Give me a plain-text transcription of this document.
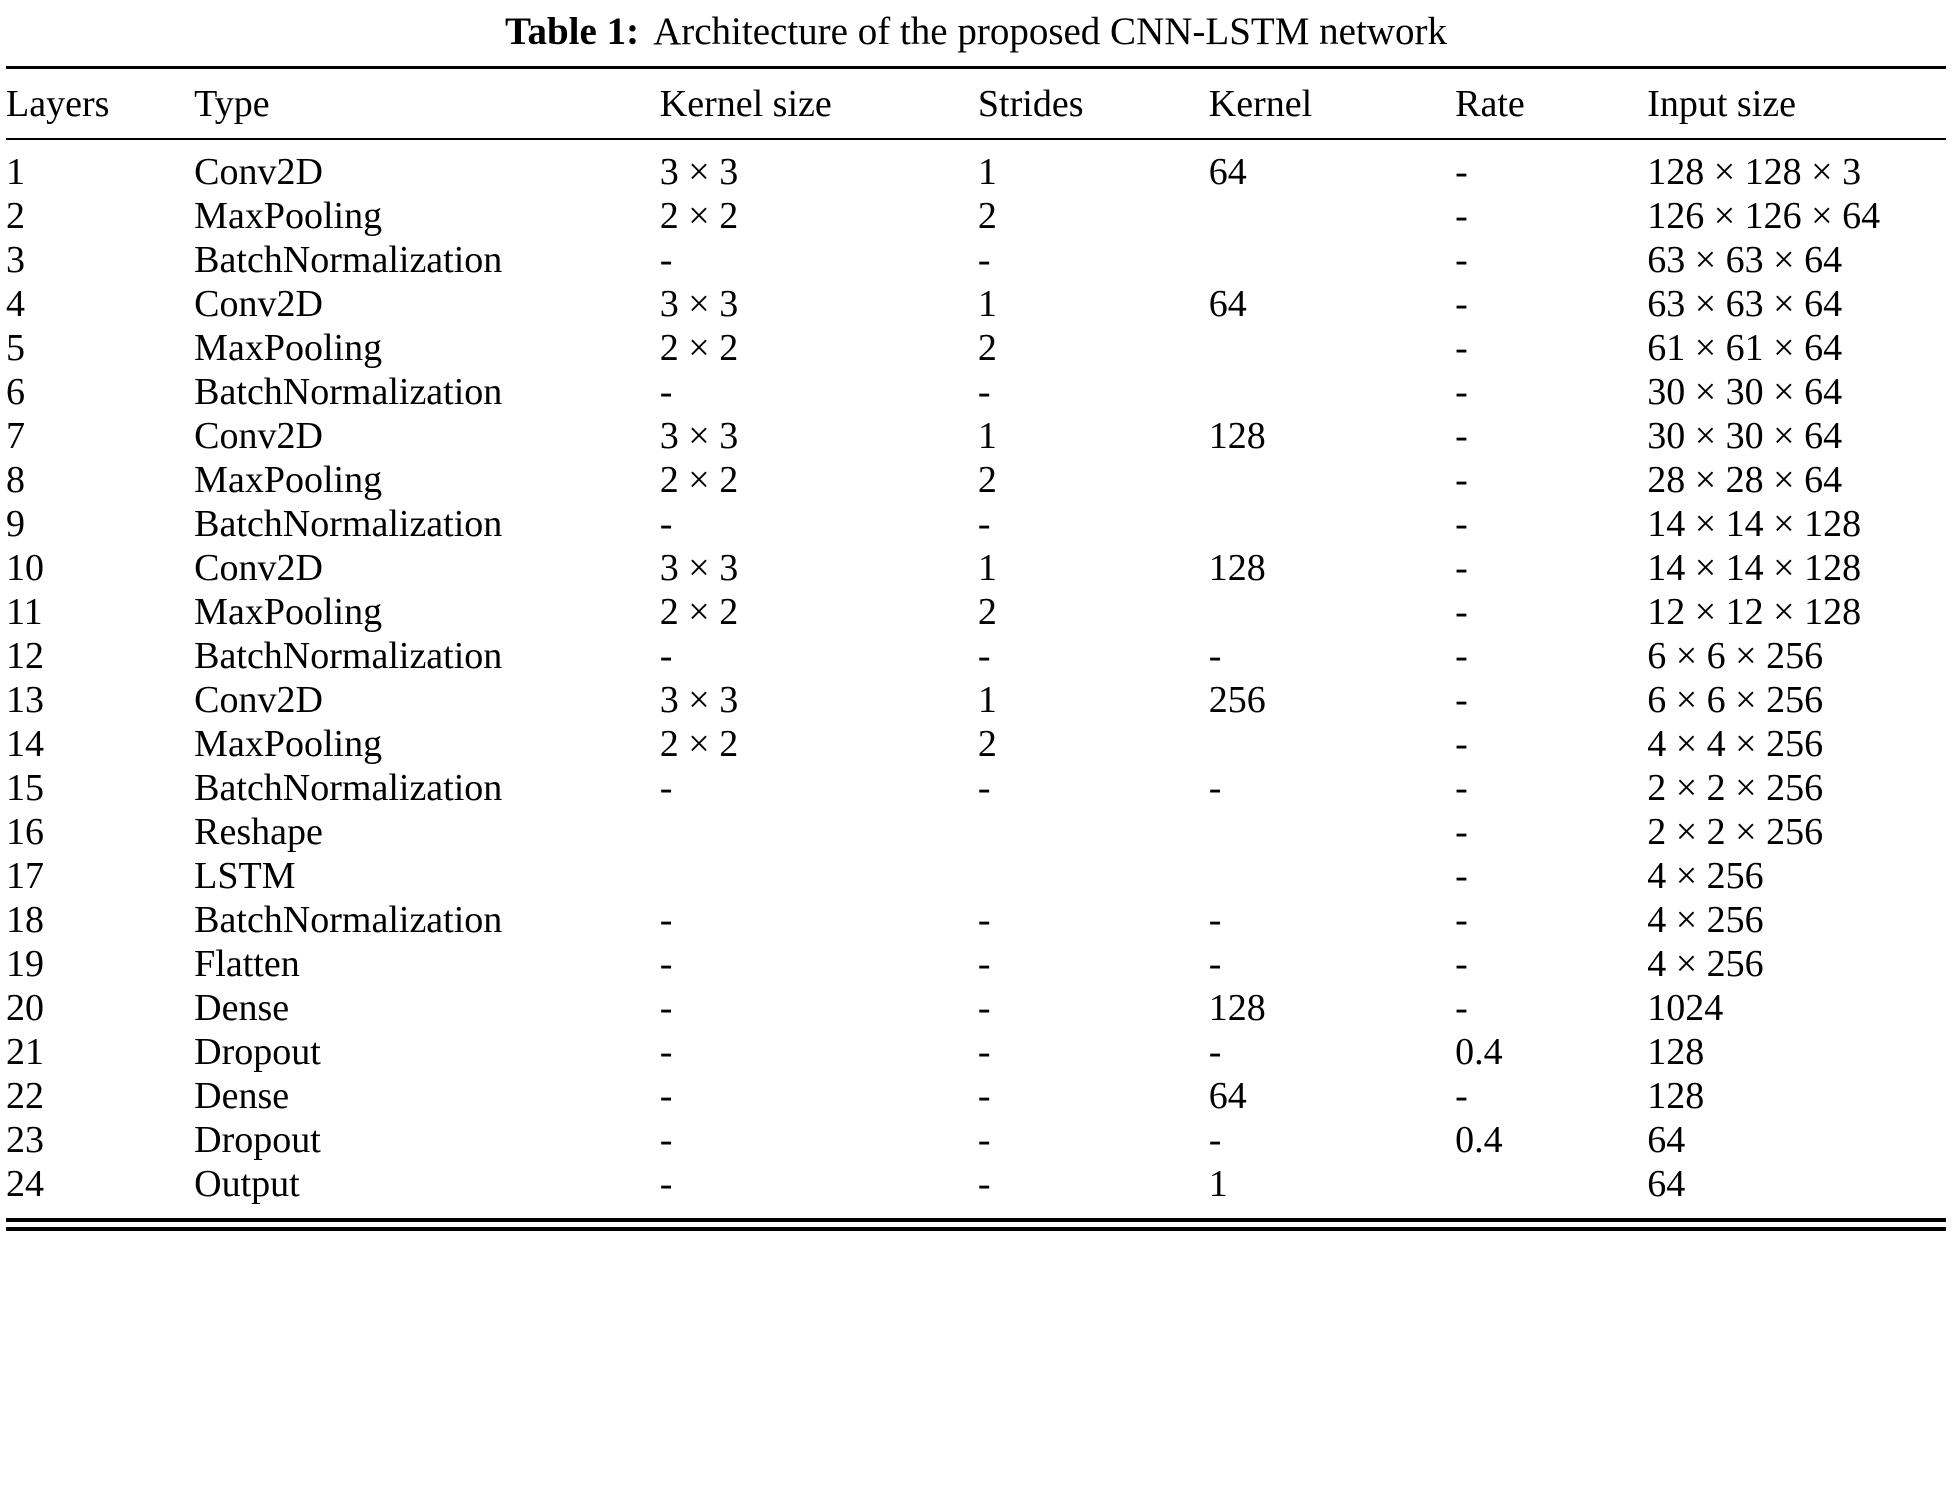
Table 1: Architecture of the proposed CNN-LSTM network
Layers	Type	Kernel size	Strides	Kernel	Rate	Input size
1	Conv2D	3 × 3	1	64	-	128 × 128 × 3
2	MaxPooling	2 × 2	2		-	126 × 126 × 64
3	BatchNormalization	-	-		-	63 × 63 × 64
4	Conv2D	3 × 3	1	64	-	63 × 63 × 64
5	MaxPooling	2 × 2	2		-	61 × 61 × 64
6	BatchNormalization	-	-		-	30 × 30 × 64
7	Conv2D	3 × 3	1	128	-	30 × 30 × 64
8	MaxPooling	2 × 2	2		-	28 × 28 × 64
9	BatchNormalization	-	-		-	14 × 14 × 128
10	Conv2D	3 × 3	1	128	-	14 × 14 × 128
11	MaxPooling	2 × 2	2		-	12 × 12 × 128
12	BatchNormalization	-	-	-	-	6 × 6 × 256
13	Conv2D	3 × 3	1	256	-	6 × 6 × 256
14	MaxPooling	2 × 2	2		-	4 × 4 × 256
15	BatchNormalization	-	-	-	-	2 × 2 × 256
16	Reshape				-	2 × 2 × 256
17	LSTM				-	4 × 256
18	BatchNormalization	-	-	-	-	4 × 256
19	Flatten	-	-	-	-	4 × 256
20	Dense	-	-	128	-	1024
21	Dropout	-	-	-	0.4	128
22	Dense	-	-	64	-	128
23	Dropout	-	-	-	0.4	64
24	Output	-	-	1		64
